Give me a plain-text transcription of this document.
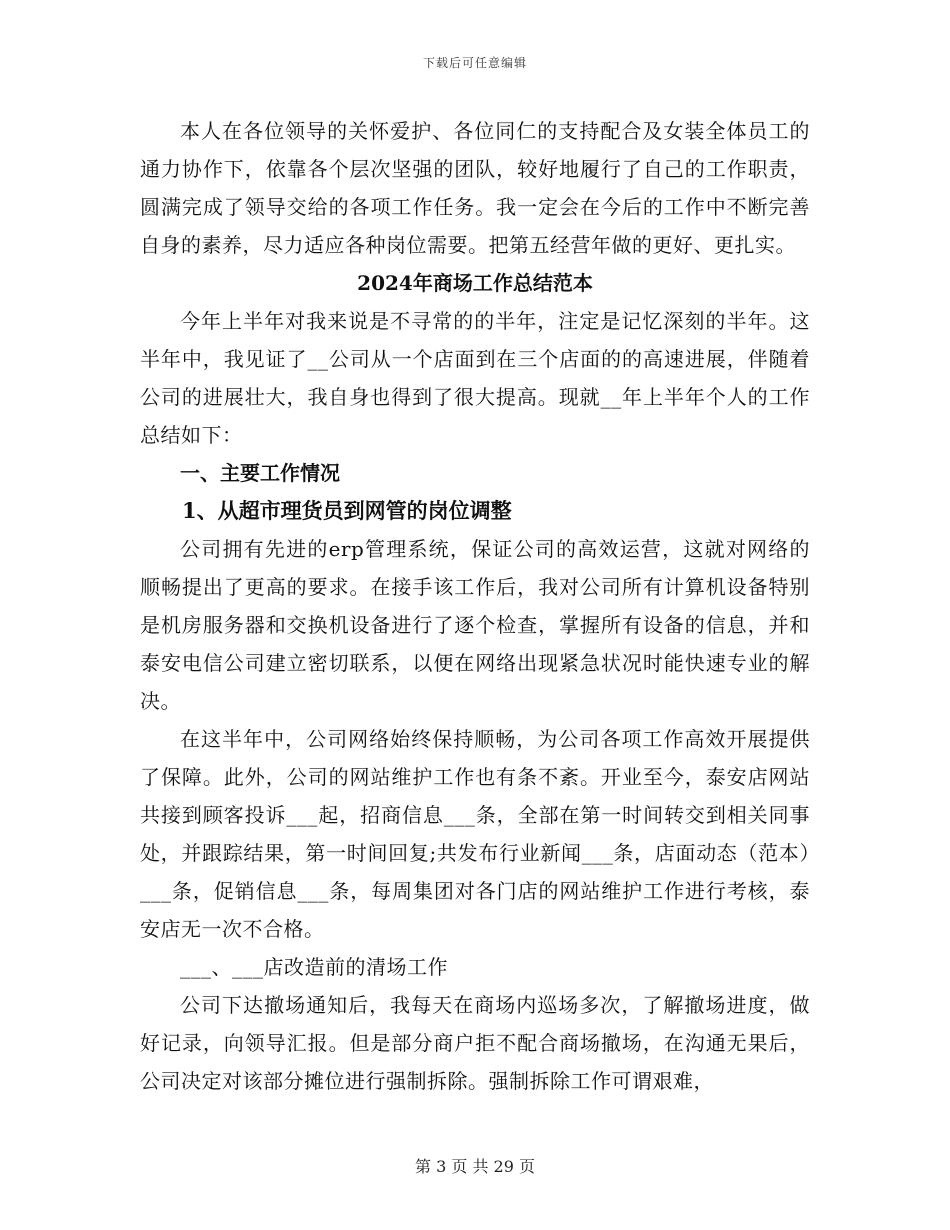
下载后可任意编辑

本人在各位领导的关怀爱护、各位同仁的支持配合及女装全体员工的通力协作下，依靠各个层次坚强的团队，较好地履行了自己的工作职责，圆满完成了领导交给的各项工作任务。我一定会在今后的工作中不断完善自身的素养，尽力适应各种岗位需要。把第五经营年做的更好、更扎实。

2024年商场工作总结范本

今年上半年对我来说是不寻常的的半年，注定是记忆深刻的半年。这半年中，我见证了__公司从一个店面到在三个店面的的高速进展，伴随着公司的进展壮大，我自身也得到了很大提高。现就__年上半年个人的工作总结如下：

一、主要工作情况

1、从超市理货员到网管的岗位调整

公司拥有先进的erp管理系统，保证公司的高效运营，这就对网络的顺畅提出了更高的要求。在接手该工作后，我对公司所有计算机设备特别是机房服务器和交换机设备进行了逐个检查，掌握所有设备的信息，并和泰安电信公司建立密切联系，以便在网络出现紧急状况时能快速专业的解决。

在这半年中，公司网络始终保持顺畅，为公司各项工作高效开展提供了保障。此外，公司的网站维护工作也有条不紊。开业至今，泰安店网站共接到顾客投诉___起，招商信息___条，全部在第一时间转交到相关同事处，并跟踪结果，第一时间回复;共发布行业新闻___条，店面动态（范本）___条，促销信息___条，每周集团对各门店的网站维护工作进行考核，泰安店无一次不合格。

___、___店改造前的清场工作

公司下达撤场通知后，我每天在商场内巡场多次，了解撤场进度，做好记录，向领导汇报。但是部分商户拒不配合商场撤场，在沟通无果后，公司决定对该部分摊位进行强制拆除。强制拆除工作可谓艰难，

第 3 页 共 29 页
